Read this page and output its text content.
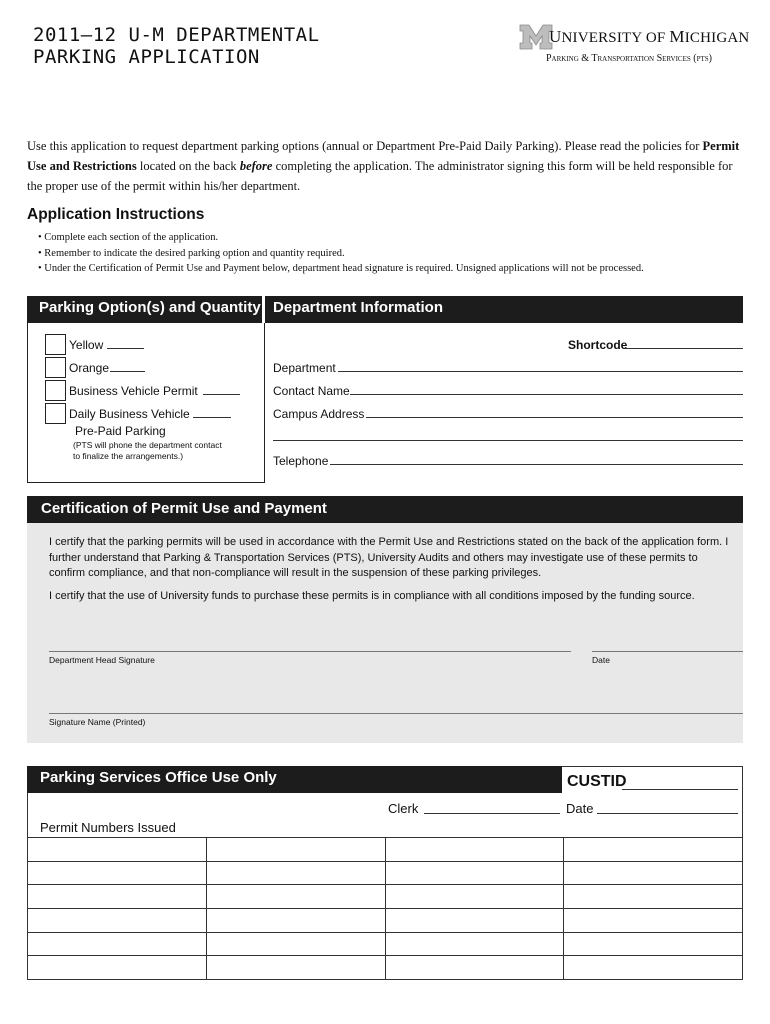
2011–12 U-M DEPARTMENTAL
PARKING APPLICATION
UNIVERSITY OF MICHIGAN
Parking & Transportation Services (pts)
Use this application to request department parking options (annual or Department Pre-Paid Daily Parking). Please read the policies for Permit Use and Restrictions located on the back before completing the application. The administrator signing this form will be held responsible for the proper use of the permit within his/her department.
Application Instructions
• Complete each section of the application.
• Remember to indicate the desired parking option and quantity required.
• Under the Certification of Permit Use and Payment below, department head signature is required. Unsigned applications will not be processed.
Parking Option(s) and Quantity Department Information
Yellow
Orange
Business Vehicle Permit
Daily Business Vehicle
Pre-Paid Parking
(PTS will phone the department contact
to finalize the arrangements.)
Shortcode
Department
Contact Name
Campus Address
Telephone
Certification of Permit Use and Payment
I certify that the parking permits will be used in accordance with the Permit Use and Restrictions stated on the back of the application form. I further understand that Parking & Transportation Services (PTS), University Audits and others may investigate use of these permits to confirm compliance, and that non-compliance will result in the suspension of these parking privileges.
I certify that the use of University funds to purchase these permits is in compliance with all conditions imposed by the funding source.
Department Head Signature	Date
Signature Name (Printed)
Parking Services Office Use Only	CUSTID
Clerk	Date
Permit Numbers Issued
